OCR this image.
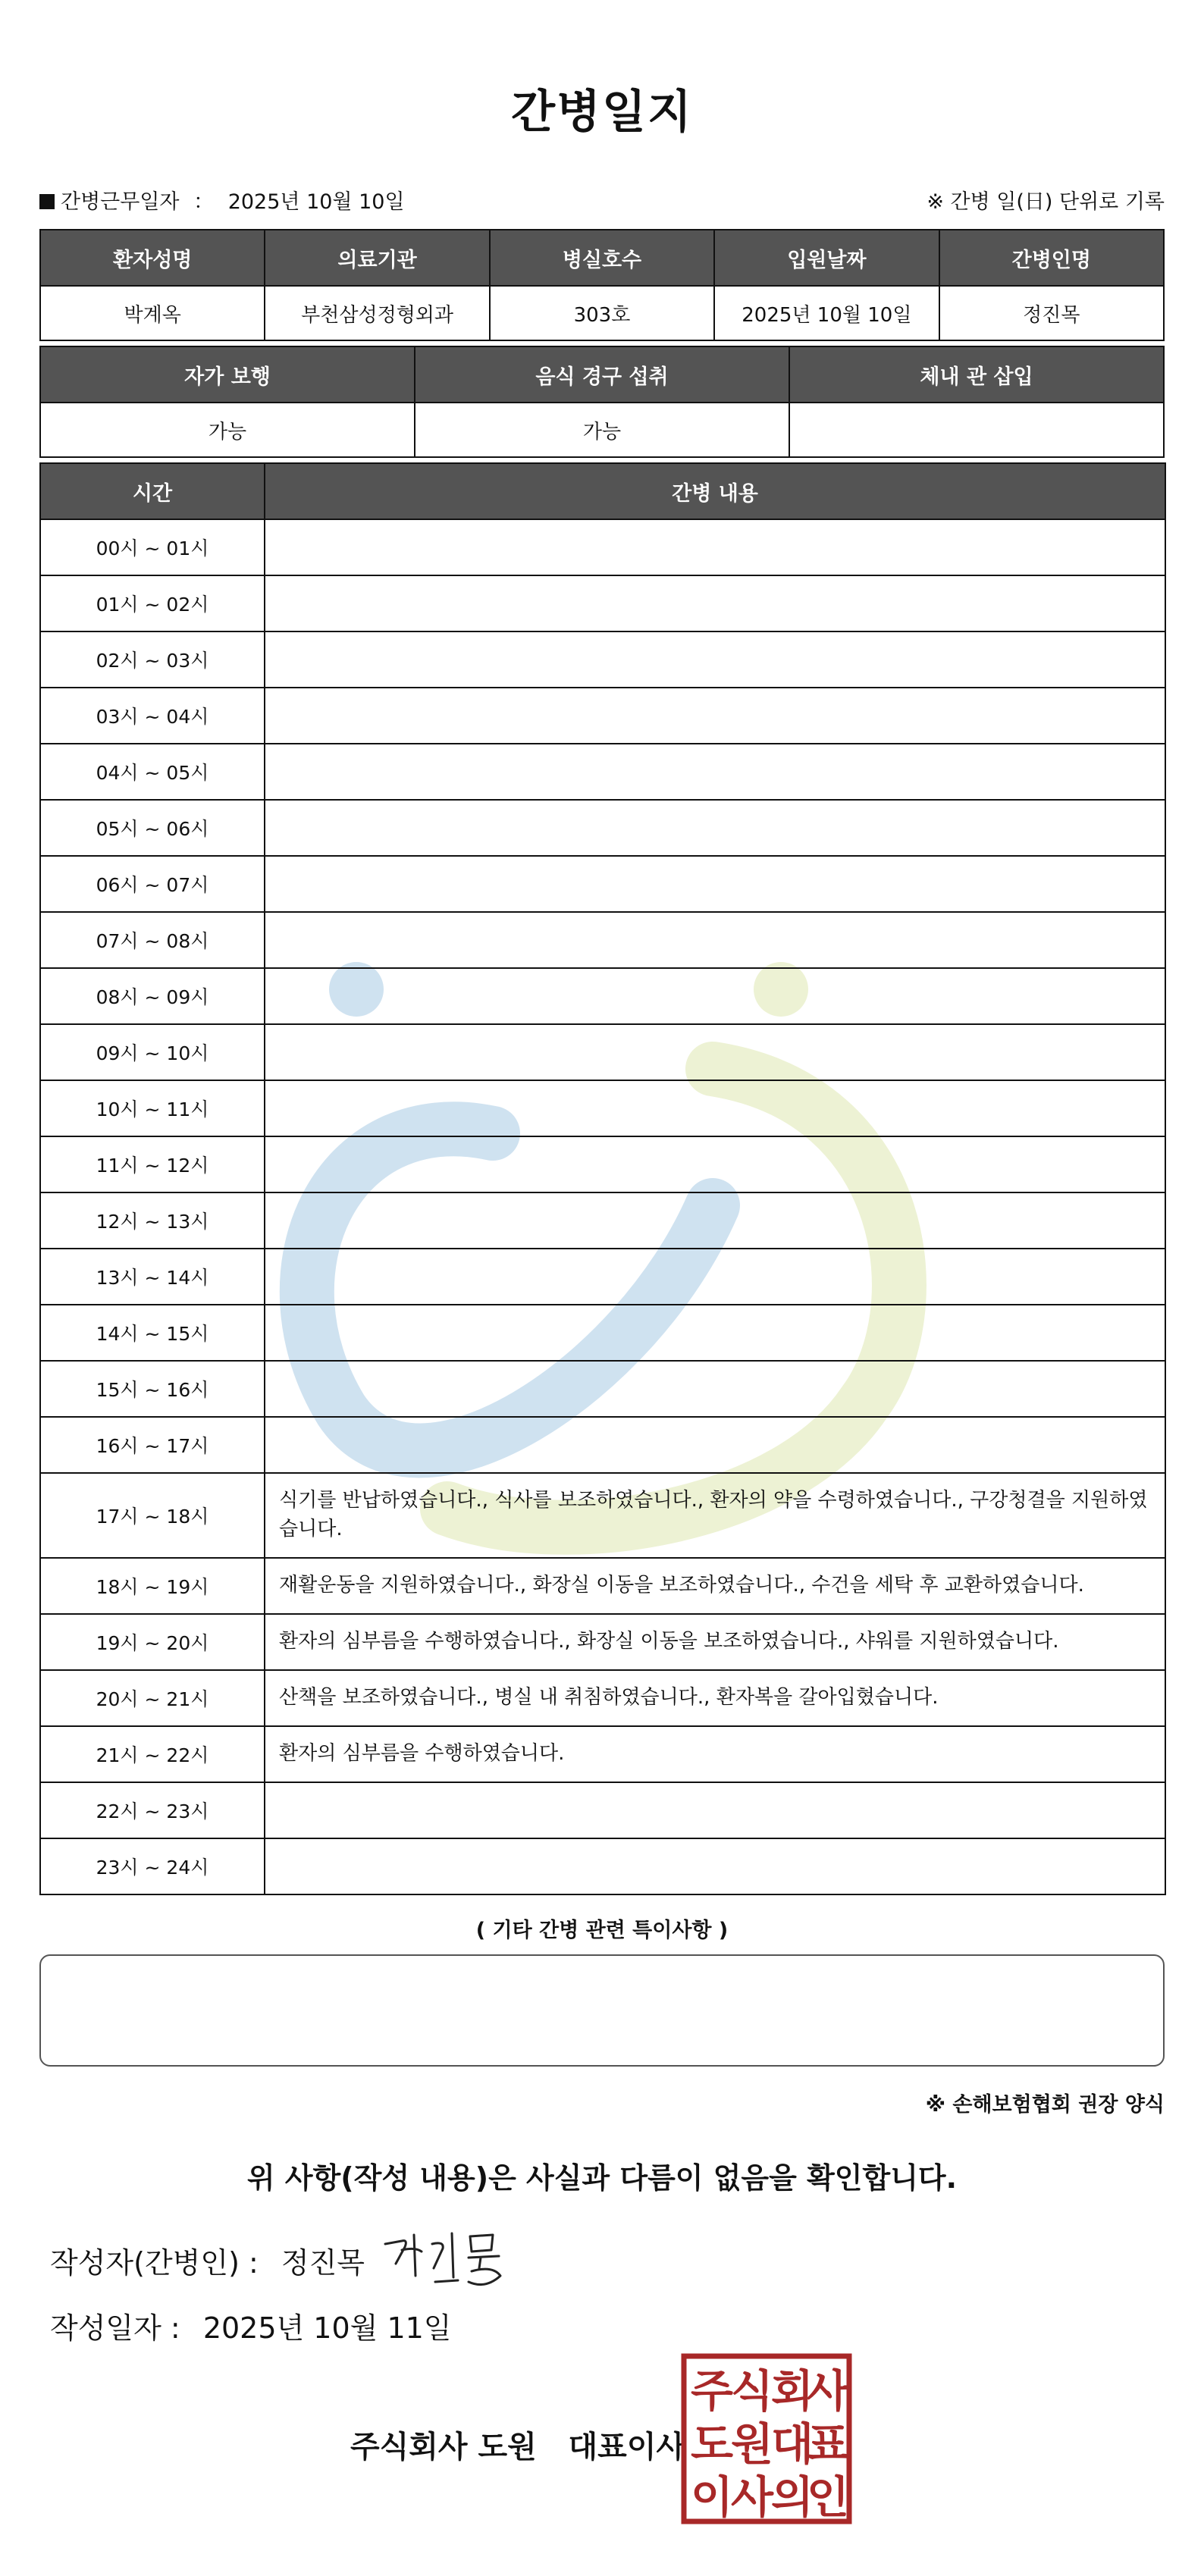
간병일지
간병근무일자 ： 2025년 10월 10일	※ 간병 일(日) 단위로 기록
환자성명	의료기관	병실호수	입원날짜	간병인명
박계옥	부천삼성정형외과	303호	2025년 10월 10일	정진목
자가 보행	음식 경구 섭취	체내 관 삽입
가능	가능	
시간	간병 내용
00시 ~ 01시	
01시 ~ 02시	
02시 ~ 03시	
03시 ~ 04시	
04시 ~ 05시	
05시 ~ 06시	
06시 ~ 07시	
07시 ~ 08시	
08시 ~ 09시	
09시 ~ 10시	
10시 ~ 11시	
11시 ~ 12시	
12시 ~ 13시	
13시 ~ 14시	
14시 ~ 15시	
15시 ~ 16시	
16시 ~ 17시	
17시 ~ 18시	식기를 반납하였습니다., 식사를 보조하였습니다., 환자의 약을 수령하였습니다., 구강청결을 지원하였습니다.
18시 ~ 19시	재활운동을 지원하였습니다., 화장실 이동을 보조하였습니다., 수건을 세탁 후 교환하였습니다.
19시 ~ 20시	환자의 심부름을 수행하였습니다., 화장실 이동을 보조하였습니다., 샤워를 지원하였습니다.
20시 ~ 21시	산책을 보조하였습니다., 병실 내 취침하였습니다., 환자복을 갈아입혔습니다.
21시 ~ 22시	환자의 심부름을 수행하였습니다.
22시 ~ 23시	
23시 ~ 24시	
( 기타 간병 관련 특이사항 )
※ 손해보험협회 권장 양식
위 사항(작성 내용)은 사실과 다름이 없음을 확인합니다.
작성자(간병인) : 정진목
작성일자 : 2025년 10월 11일
주식회사 도원   대표이사
주
식
회
사
도
원
대
표
이
사
의
인
